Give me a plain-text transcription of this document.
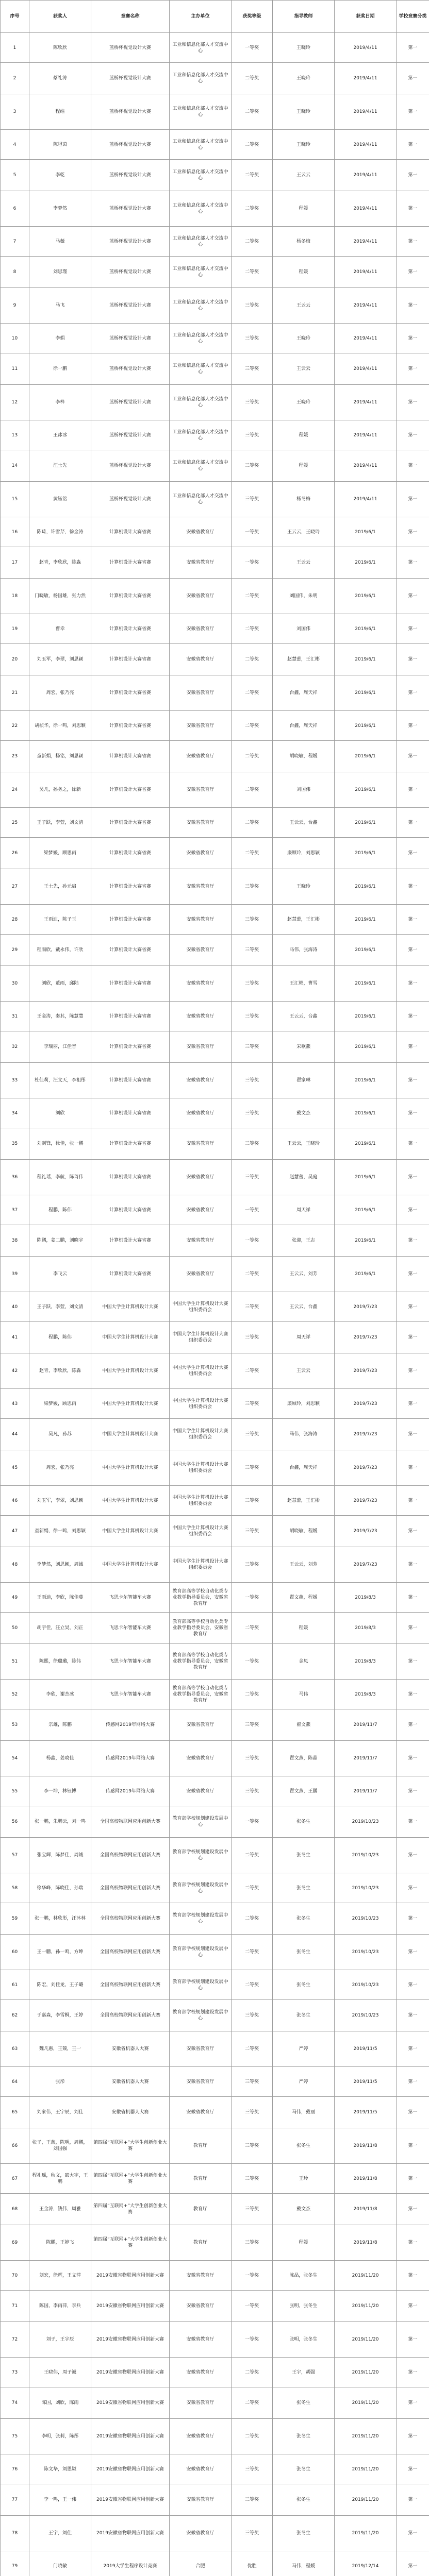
序号	获奖人	竞赛名称	主办单位	获奖等级	指导教师	获奖日期	学校竞赛分类
1	陈欣欣	蓝桥杯视觉设计大赛	工业和信息化部人才交流中心	一等奖	王晓玲	2019/4/11	第一
2	蔡礼涛	蓝桥杯视觉设计大赛	工业和信息化部人才交流中心	二等奖	王晓玲	2019/4/11	第一
3	程维	蓝桥杯视觉设计大赛	工业和信息化部人才交流中心	二等奖	王晓玲	2019/4/11	第一
4	陈坦茵	蓝桥杯视觉设计大赛	工业和信息化部人才交流中心	二等奖	王晓玲	2019/4/11	第一
5	李乾	蓝桥杯视觉设计大赛	工业和信息化部人才交流中心	二等奖	王云云	2019/4/11	第一
6	李梦然	蓝桥杯视觉设计大赛	工业和信息化部人才交流中心	二等奖	程媛	2019/4/11	第一
7	马薇	蓝桥杯视觉设计大赛	工业和信息化部人才交流中心	二等奖	杨冬梅	2019/4/11	第一
8	刘思瑾	蓝桥杯视觉设计大赛	工业和信息化部人才交流中心	二等奖	程媛	2019/4/11	第一
9	马飞	蓝桥杯视觉设计大赛	工业和信息化部人才交流中心	三等奖	王云云	2019/4/11	第一
10	李娟	蓝桥杯视觉设计大赛	工业和信息化部人才交流中心	三等奖	王晓玲	2019/4/11	第一
11	徐一鹏	蓝桥杯视觉设计大赛	工业和信息化部人才交流中心	三等奖	王云云	2019/4/11	第一
12	李梓	蓝桥杯视觉设计大赛	工业和信息化部人才交流中心	三等奖	王晓玲	2019/4/11	第一
13	王冰冰	蓝桥杯视觉设计大赛	工业和信息化部人才交流中心	三等奖	程媛	2019/4/11	第一
14	汪士先	蓝桥杯视觉设计大赛	工业和信息化部人才交流中心	三等奖	程媛	2019/4/11	第一
15	黄钰铭	蓝桥杯视觉设计大赛	工业和信息化部人才交流中心	三等奖	杨冬梅	2019/4/11	第一
16	陈琦，许雪芹，徐金涛	计算机设计大赛省赛	安徽省教育厅	一等奖	王云云，王晓玲	2019/6/1	第一
17	赵青，李欣欣，陈淼	计算机设计大赛省赛	安徽省教育厅	一等奖	王云云	2019/6/1	第一
18	门晓敏，杨国雄，张力然	计算机设计大赛省赛	安徽省教育厅	二等奖	刘国伟，朱明	2019/6/1	第一
19	曹幸	计算机设计大赛省赛	安徽省教育厅	二等奖	刘国伟	2019/6/1	第一
20	刘玉军，李翠，刘思颖	计算机设计大赛省赛	安徽省教育厅	二等奖	赵慧蕾，王汇彬	2019/6/1	第一
21	周宏，张乃亮	计算机设计大赛省赛	安徽省教育厅	二等奖	台鑫，周天祥	2019/6/1	第一
22	胡桢华，徐一鸣，刘思颖	计算机设计大赛省赛	安徽省教育厅	二等奖	台鑫，周天祥	2019/6/1	第一
23	童新娟，杨铭，刘思颖	计算机设计大赛省赛	安徽省教育厅	二等奖	胡晓敏，程媛	2019/6/1	第一
24	吴凡，孙务之，徐新	计算机设计大赛省赛	安徽省教育厅	二等奖	刘国伟	2019/6/1	第一
25	王子跃，李萱，刘文清	计算机设计大赛省赛	安徽省教育厅	二等奖	王云云，台鑫	2019/6/1	第一
26	梁梦媛，顾思雨	计算机设计大赛省赛	安徽省教育厅	二等奖	廉顾玲，刘思颖	2019/6/1	第一
27	王士先，孙元启	计算机设计大赛省赛	安徽省教育厅	三等奖	王晓玲	2019/6/1	第一
28	王雨迪，陈子玉	计算机设计大赛省赛	安徽省教育厅	三等奖	赵慧蕾，王汇彬	2019/6/1	第一
29	程雨欣，戴永伟，许欣	计算机设计大赛省赛	安徽省教育厅	三等奖	马伟，张海涛	2019/6/1	第一
30	刘欣，董雨，邱陆	计算机设计大赛省赛	安徽省教育厅	三等奖	王汇彬，曹雪	2019/6/1	第一
31	王金涛，秦其，陈慧慧	计算机设计大赛省赛	安徽省教育厅	三等奖	王云云，台鑫	2019/6/1	第一
32	李瑞丽，江佳音	计算机设计大赛省赛	安徽省教育厅	三等奖	宋歌燕	2019/6/1	第一
33	杜佳莉，汪文天，李祖彤	计算机设计大赛省赛	安徽省教育厅	三等奖	翟家琳	2019/6/1	第一
34	刘欣	计算机设计大赛省赛	安徽省教育厅	三等奖	戴文杰	2019/6/1	第一
35	刘剑锋，徐佳，张一鹏	计算机设计大赛省赛	安徽省教育厅	三等奖	王云云，王晓玲	2019/6/1	第一
36	程礼瑶，李航，陈琦伟	计算机设计大赛省赛	安徽省教育厅	三等奖	赵慧蕾，吴庭	2019/6/1	第一
37	程鹏，陈伟	计算机设计大赛省赛	安徽省教育厅	一等奖	周天祥	2019/6/1	第一
38	陈鹏，姜二鹏，刘晓宇	计算机设计大赛省赛	安徽省教育厅	一等奖	张迎，王志	2019/6/1	第一
39	李飞云	计算机设计大赛省赛	安徽省教育厅	二等奖	王云云，刘芳	2019/6/1	第一
40	王子跃，李萱，刘文清	中国大学生计算机设计大赛	中国大学生计算机设计大赛组织委员会	三等奖	王云云，台鑫	2019/7/23	第一
41	程鹏，陈伟	中国大学生计算机设计大赛	中国大学生计算机设计大赛组织委员会	三等奖	周天祥	2019/7/23	第一
42	赵青，李欣欣，陈淼	中国大学生计算机设计大赛	中国大学生计算机设计大赛组织委员会	二等奖	王云云	2019/7/23	第一
43	梁梦媛，顾思雨	中国大学生计算机设计大赛	中国大学生计算机设计大赛组织委员会	三等奖	廉顾玲，刘思颖	2019/7/23	第一
44	吴凡，孙苏	中国大学生计算机设计大赛	中国大学生计算机设计大赛组织委员会	三等奖	马伟，张海涛	2019/7/23	第一
45	周宏，张乃亮	中国大学生计算机设计大赛	中国大学生计算机设计大赛组织委员会	三等奖	台鑫，周天祥	2019/7/23	第一
46	刘玉军，李翠，刘思颖	中国大学生计算机设计大赛	中国大学生计算机设计大赛组织委员会	三等奖	赵慧蕾，王汇彬	2019/7/23	第一
47	童新娟，徐一鸣，刘思颖	中国大学生计算机设计大赛	中国大学生计算机设计大赛组织委员会	三等奖	胡晓敏，程媛	2019/7/23	第一
48	李梦然，刘思颖，周诚	中国大学生计算机设计大赛	中国大学生计算机设计大赛组织委员会	三等奖	王云云，刘芳	2019/7/23	第一
49	王雨迪，李欣，陈佳蔓	飞思卡尔智能车大赛	教育部高等学校自动化类专业教学指导委员会，安徽省教育厅	一等奖	翟文燕，程媛	2019/8/3	第一
50	胡宇佳，汪立昊，刘正	飞思卡尔智能车大赛	教育部高等学校自动化类专业教学指导委员会，安徽省教育厅	二等奖	程媛	2019/8/3	第一
51	陈熙，徐璐璐，陈伟	飞思卡尔智能车大赛	教育部高等学校自动化类专业教学指导委员会，安徽省教育厅	一等奖	金凤	2019/8/3	第一
52	李欣，谢杰冰	飞思卡尔智能车大赛	教育部高等学校自动化类专业教学指导委员会，安徽省教育厅	二等奖	马伟	2019/8/3	第一
53	宗雄，陈鹏	传感网2019年网络大赛	安徽省教育厅	三等奖	翟文燕	2019/11/7	第一
54	杨鑫，姜晓佳	传感网2019年网络大赛	安徽省教育厅	三等奖	翟文燕，陈晶	2019/11/7	第一
55	李一坤，林钰博	传感网2019年网络大赛	安徽省教育厅	三等奖	翟文燕，王鹏	2019/11/7	第一
56	张一鹏，朱鹏云，刘一鸣	全国高校物联网应用创新大赛	教育部学校规划建设发展中心	一等奖	张冬生	2019/10/23	第一
57	张宝辉，陈梦佳，周诚	全国高校物联网应用创新大赛	教育部学校规划建设发展中心	二等奖	张冬生	2019/10/23	第一
58	徐华峰，陈晓佳，孙瑞	全国高校物联网应用创新大赛	教育部学校规划建设发展中心	二等奖	张冬生	2019/10/23	第一
59	张一鹏，林欣彤，汪沐林	全国高校物联网应用创新大赛	教育部学校规划建设发展中心	二等奖	张冬生	2019/10/23	第一
60	王一鹏，孙一鸣，方坤	全国高校物联网应用创新大赛	教育部学校规划建设发展中心	二等奖	张冬生	2019/10/23	第一
61	陈宏，刘佳龙，王子璐	全国高校物联网应用创新大赛	教育部学校规划建设发展中心	二等奖	张冬生	2019/10/23	第一
62	于嘉森，李雪桐，王婷	全国高校物联网应用创新大赛	教育部学校规划建设发展中心	三等奖	张冬生	2019/10/23	第一
63	魏凡惠，王兢，王一	安徽省机器人大赛	安徽省教育厅	二等奖	严婷	2019/11/5	第一
64	张彤	安徽省机器人大赛	安徽省教育厅	三等奖	严婷	2019/11/5	第一
65	刘家伟，王宇辰，刘佳	安徽省机器人大赛	安徽省教育厅	三等奖	马伟，戴丽	2019/11/5	第一
66	张子，王茜，陈明，周鹏，刘国强	第四届“互联网+”大学生创新创业大赛	教育厅	三等奖	张冬生	2019/11/8	第一
67	程礼瑶，秋文，邵大宇，王鹏	第四届“互联网+”大学生创新创业大赛	教育厅	三等奖	王玲	2019/11/8	第一
68	王金涛，钱伟，周雅	第四届“互联网+”大学生创新创业大赛	教育厅	三等奖	戴文杰	2019/11/8	第一
69	陈鹏，王婷飞	第四届“互联网+”大学生创新创业大赛	教育厅	三等奖	程媛	2019/11/8	第一
70	刘宏，徐辉，王文萍	2019安徽省物联网应用创新大赛	安徽省教育厅	一等奖	陈晶，张冬生	2019/11/20	第一
71	陈国，李雨萍，李兵	2019安徽省物联网应用创新大赛	安徽省教育厅	一等奖	张明，张冬生	2019/11/20	第一
72	刘子，王宇辰	2019安徽省物联网应用创新大赛	安徽省教育厅	一等奖	张明，张冬生	2019/11/20	第一
73	王晓伟，周子诚	2019安徽省物联网应用创新大赛	安徽省教育厅	二等奖	王宇，胡强	2019/11/20	第一
74	陈国，刘欣，陈雨	2019安徽省物联网应用创新大赛	安徽省教育厅	二等奖	张冬生	2019/11/20	第一
75	李明，张莉，陈彤	2019安徽省物联网应用创新大赛	安徽省教育厅	二等奖	张冬生	2019/11/20	第一
76	陈文华，刘思颖	2019安徽省物联网应用创新大赛	安徽省教育厅	三等奖	张冬生	2019/11/20	第一
77	李一鸣，王一伟	2019安徽省物联网应用创新大赛	安徽省教育厅	三等奖	张冬生	2019/11/20	第一
78	王宇，刘佳	2019安徽省物联网应用创新大赛	安徽省教育厅	三等奖	张冬生	2019/11/20	第一
79	门晓敏	2019大学生程序设计竞赛	合肥	优胜	马伟，程媛	2019/12/14	第一
